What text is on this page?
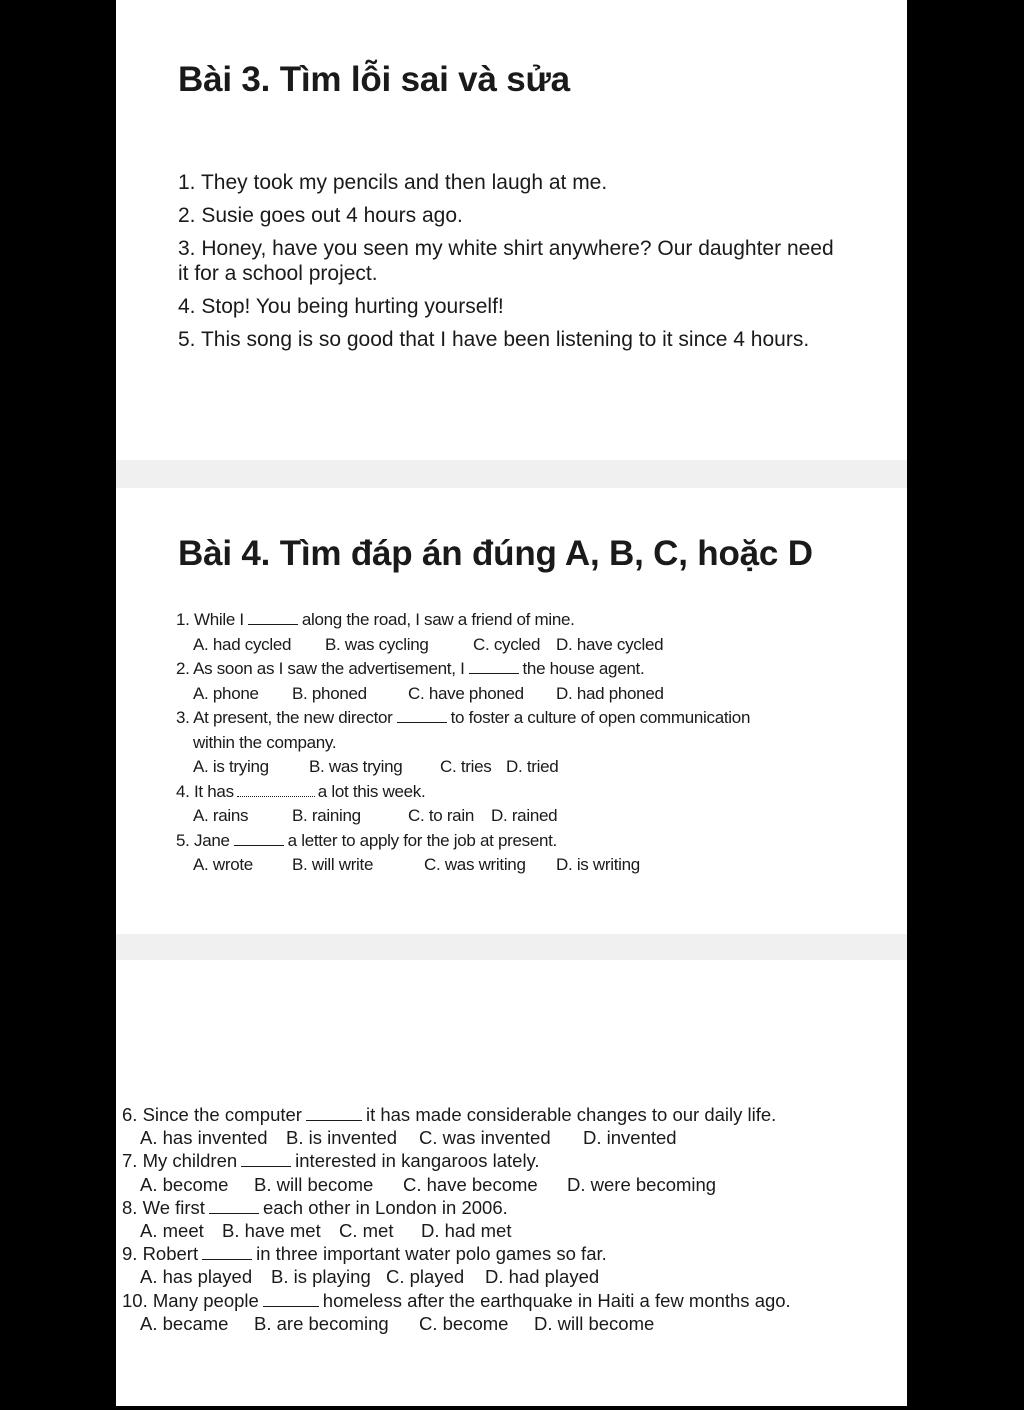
Bài 3. Tìm lỗi sai và sửa
1. They took my pencils and then laugh at me.
2. Susie goes out 4 hours ago.
3. Honey, have you seen my white shirt anywhere? Our daughter need it for a school project.
4. Stop! You being hurting yourself!
5. This song is so good that I have been listening to it since 4 hours.
Bài 4. Tìm đáp án đúng A, B, C, hoặc D
1. While I	along the road, I saw a friend of mine.
A. had cycled B. was cycling	C. cycled D. have cycled
2. As soon as I saw the advertisement, I	the house agent.
A. phone B. phoned C. have phoned D. had phoned
3. At present, the new director	to foster a culture of open communication
within the company.
A. is trying B. was trying C. tries D. tried
4. It has	a lot this week.
A. rains	B. raining	C. to rain D. rained
5. Jane	a letter to apply for the job at present.
A. wrote B. will write	C. was writing D. is writing
6. Since the computer	it has made considerable changes to our daily life.
A. has invented B. is invented C. was invented D. invented
7. My children	interested in kangaroos lately.
A. become B. will become C. have become D. were becoming
8. We first	each other in London in 2006.
A. meet B. have met C. met D. had met
9. Robert	in three important water polo games so far.
A. has played B. is playing C. played D. had played
10. Many people	homeless after the earthquake in Haiti a few months ago.
A. became B. are becoming C. become D. will become
